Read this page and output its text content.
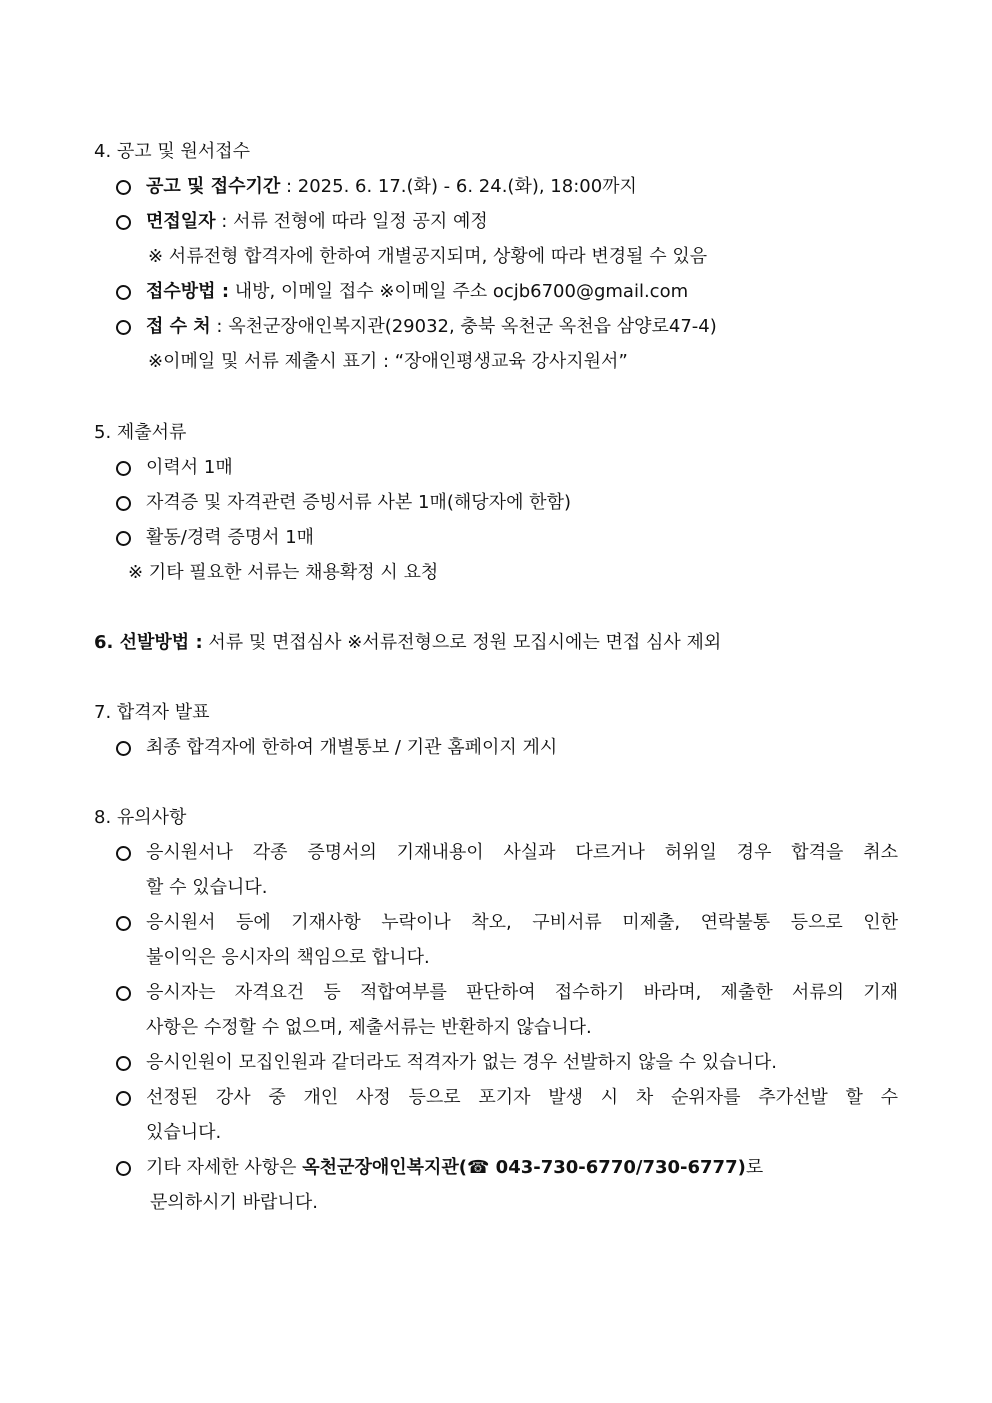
4. 공고 및 원서접수
공고 및 접수기간 : 2025. 6. 17.(화) - 6. 24.(화), 18:00까지
면접일자 : 서류 전형에 따라 일정 공지 예정
※ 서류전형 합격자에 한하여 개별공지되며, 상황에 따라 변경될 수 있음
접수방법 : 내방, 이메일 접수 ※이메일 주소 ocjb6700@gmail.com
접 수 처 : 옥천군장애인복지관(29032, 충북 옥천군 옥천읍 삼양로47-4)
※이메일 및 서류 제출시 표기 : “장애인평생교육 강사지원서”
5. 제출서류
이력서 1매
자격증 및 자격관련 증빙서류 사본 1매(해당자에 한함)
활동/경력 증명서 1매
※ 기타 필요한 서류는 채용확정 시 요청
6. 선발방법 : 서류 및 면접심사 ※서류전형으로 정원 모집시에는 면접 심사 제외
7. 합격자 발표
최종 합격자에 한하여 개별통보 / 기관 홈페이지 게시
8. 유의사항
응시원서나 각종 증명서의 기재내용이 사실과 다르거나 허위일 경우 합격을 취소
할 수 있습니다.
응시원서 등에 기재사항 누락이나 착오, 구비서류 미제출, 연락불통 등으로 인한
불이익은 응시자의 책임으로 합니다.
응시자는 자격요건 등 적합여부를 판단하여 접수하기 바라며, 제출한 서류의 기재
사항은 수정할 수 없으며, 제출서류는 반환하지 않습니다.
응시인원이 모집인원과 같더라도 적격자가 없는 경우 선발하지 않을 수 있습니다.
선정된 강사 중 개인 사정 등으로 포기자 발생 시 차 순위자를 추가선발 할 수
있습니다.
기타 자세한 사항은 옥천군장애인복지관(☎ 043-730-6770/730-6777)로
문의하시기 바랍니다.
